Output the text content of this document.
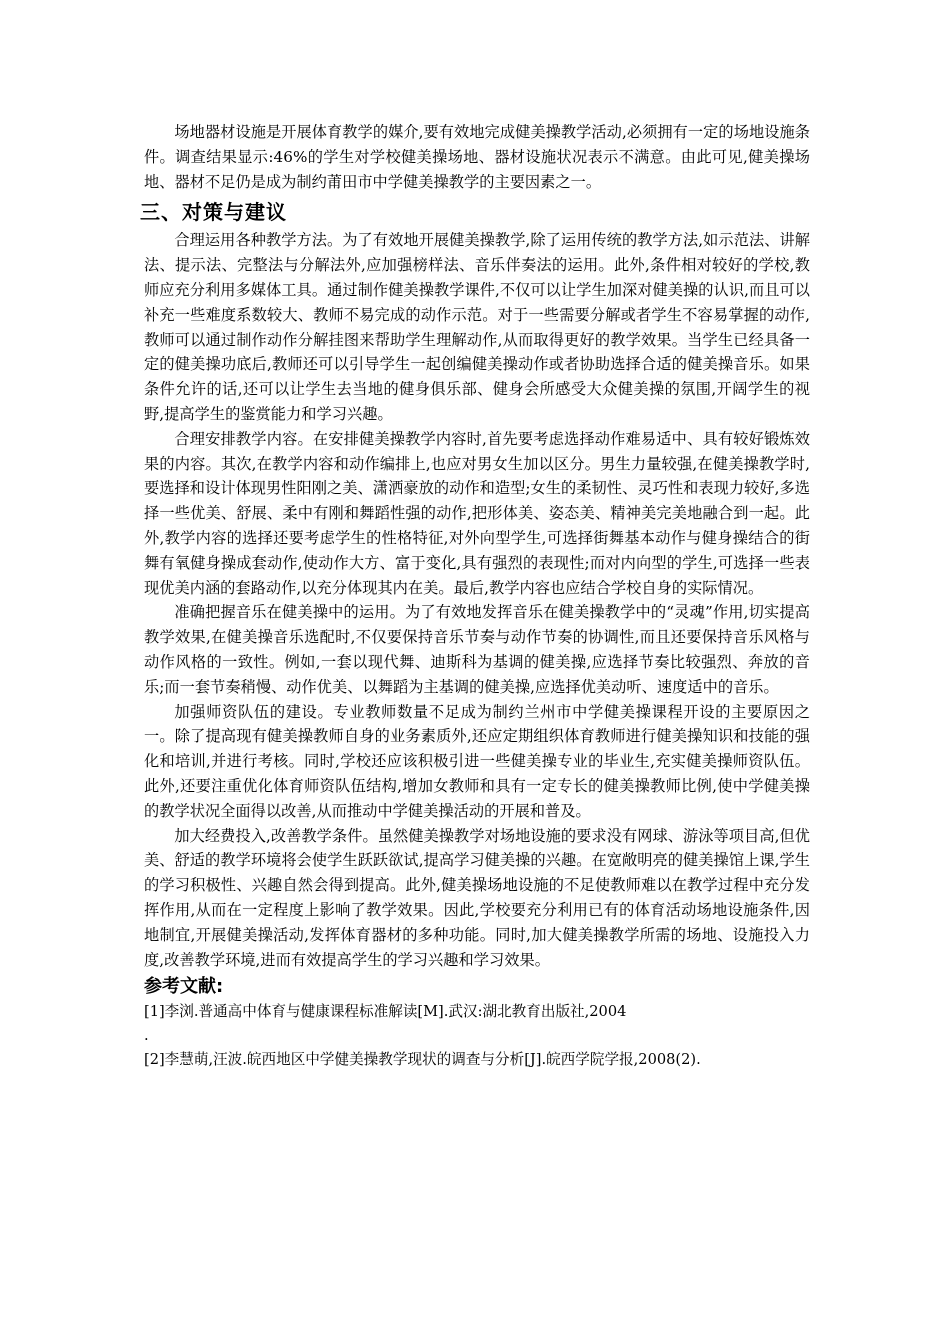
场地器材设施是开展体育教学的媒介,要有效地完成健美操教学活动,必须拥有一定的场地设施条件。调查结果显示:46%的学生对学校健美操场地、器材设施状况表示不满意。由此可见,健美操场地、器材不足仍是成为制约莆田市中学健美操教学的主要因素之一。

三、对策与建议

合理运用各种教学方法。为了有效地开展健美操教学,除了运用传统的教学方法,如示范法、讲解法、提示法、完整法与分解法外,应加强榜样法、音乐伴奏法的运用。此外,条件相对较好的学校,教师应充分利用多媒体工具。通过制作健美操教学课件,不仅可以让学生加深对健美操的认识,而且可以补充一些难度系数较大、教师不易完成的动作示范。对于一些需要分解或者学生不容易掌握的动作,教师可以通过制作动作分解挂图来帮助学生理解动作,从而取得更好的教学效果。当学生已经具备一定的健美操功底后,教师还可以引导学生一起创编健美操动作或者协助选择合适的健美操音乐。如果条件允许的话,还可以让学生去当地的健身俱乐部、健身会所感受大众健美操的氛围,开阔学生的视野,提高学生的鉴赏能力和学习兴趣。

合理安排教学内容。在安排健美操教学内容时,首先要考虑选择动作难易适中、具有较好锻炼效果的内容。其次,在教学内容和动作编排上,也应对男女生加以区分。男生力量较强,在健美操教学时,要选择和设计体现男性阳刚之美、潇洒豪放的动作和造型;女生的柔韧性、灵巧性和表现力较好,多选择一些优美、舒展、柔中有刚和舞蹈性强的动作,把形体美、姿态美、精神美完美地融合到一起。此外,教学内容的选择还要考虑学生的性格特征,对外向型学生,可选择街舞基本动作与健身操结合的街舞有氧健身操成套动作,使动作大方、富于变化,具有强烈的表现性;而对内向型的学生,可选择一些表现优美内涵的套路动作,以充分体现其内在美。最后,教学内容也应结合学校自身的实际情况。

准确把握音乐在健美操中的运用。为了有效地发挥音乐在健美操教学中的“灵魂”作用,切实提高教学效果,在健美操音乐选配时,不仅要保持音乐节奏与动作节奏的协调性,而且还要保持音乐风格与动作风格的一致性。例如,一套以现代舞、迪斯科为基调的健美操,应选择节奏比较强烈、奔放的音乐;而一套节奏稍慢、动作优美、以舞蹈为主基调的健美操,应选择优美动听、速度适中的音乐。

加强师资队伍的建设。专业教师数量不足成为制约兰州市中学健美操课程开设的主要原因之一。除了提高现有健美操教师自身的业务素质外,还应定期组织体育教师进行健美操知识和技能的强化和培训,并进行考核。同时,学校还应该积极引进一些健美操专业的毕业生,充实健美操师资队伍。此外,还要注重优化体育师资队伍结构,增加女教师和具有一定专长的健美操教师比例,使中学健美操的教学状况全面得以改善,从而推动中学健美操活动的开展和普及。

加大经费投入,改善教学条件。虽然健美操教学对场地设施的要求没有网球、游泳等项目高,但优美、舒适的教学环境将会使学生跃跃欲试,提高学习健美操的兴趣。在宽敞明亮的健美操馆上课,学生的学习积极性、兴趣自然会得到提高。此外,健美操场地设施的不足使教师难以在教学过程中充分发挥作用,从而在一定程度上影响了教学效果。因此,学校要充分利用已有的体育活动场地设施条件,因地制宜,开展健美操活动,发挥体育器材的多种功能。同时,加大健美操教学所需的场地、设施投入力度,改善教学环境,进而有效提高学生的学习兴趣和学习效果。

参考文献:

[1]李浏.普通高中体育与健康课程标准解读[M].武汉:湖北教育出版社,2004

.

[2]李慧萌,汪波.皖西地区中学健美操教学现状的调查与分析[J].皖西学院学报,2008(2).
